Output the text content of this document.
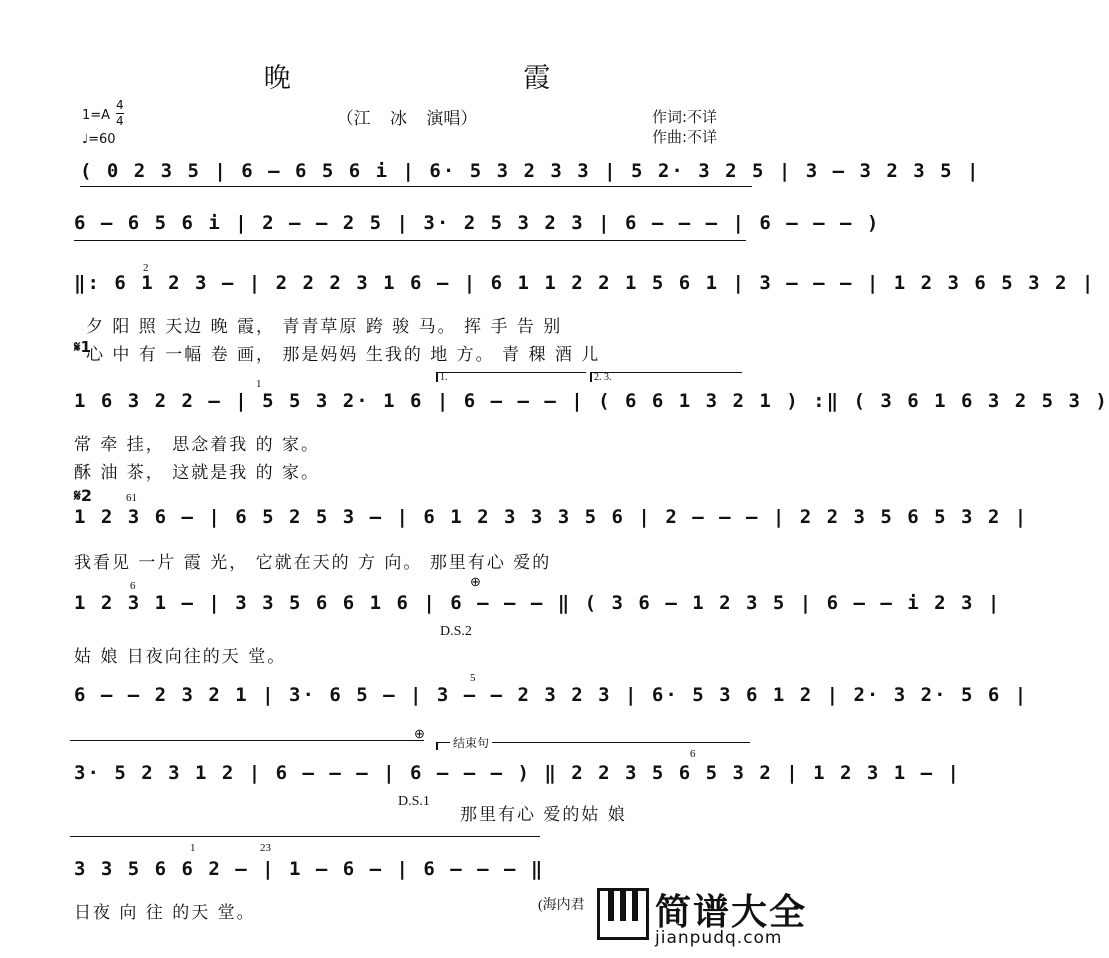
晚 霞
（江 冰 演唱）
1=A
4
4
♩=60
作词:不详
作曲:不详
( 0 2 3 5 | 6 – 6 5 6 i | 6· 5 3 2 3 3 | 5 2· 3 2 5 | 3 – 3 2 3 5 |
6 – 6 5 6 i | 2 – – 2 5 | 3· 2 5 3 2 3 | 6 – – – | 6 – – – )
2
‖: 6 1 2 3 – | 2 2 2 3 1 6 – | 6 1 1 2 2 1 5 6 1 | 3 – – – | 1 2 3 6 5 3 2 |
夕 阳 照 天边 晚 霞， 青青草原 跨 骏 马。 挥 手 告 别
𝄋1
心 中 有 一幅 卷 画， 那是妈妈 生我的 地 方。 青 稞 酒 儿
1.	2. 3.
1
1 6 3 2 2 – | 5 5 3 2· 1 6 | 6 – – – | ( 6 6 1 3 2 1 ) :‖ ( 3 6 1 6 3 2 5 3 )
常 牵 挂， 思念着我 的 家。
酥 油 茶， 这就是我 的 家。
𝄋2	61
1 2 3 6 – | 6 5 2 5 3 – | 6 1 2 3 3 3 5 6 | 2 – – – | 2 2 3 5 6 5 3 2 |
我看见 一片 霞 光， 它就在天的 方 向。 那里有心 爱的
6	⊕
1 2 3 1 – | 3 3 5 6 6 1 6 | 6 – – – ‖ ( 3 6 – 1 2 3 5 | 6 – – i 2 3 |
D.S.2
姑 娘 日夜向往的天 堂。
5
6 – – 2 3 2 1 | 3· 6 5 – | 3 – – 2 3 2 3 | 6· 5 3 6 1 2 | 2· 3 2· 5 6 |
⊕
结束句
6
3· 5 2 3 1 2 | 6 – – – | 6 – – – ) ‖ 2 2 3 5 6 5 3 2 | 1 2 3 1 – |
D.S.1
那里有心 爱的姑 娘
1	23
3 3 5 6 6 2 – | 1 – 6 – | 6 – – – ‖
日夜 向 往 的天 堂。	(海内君 简谱大全
jianpudq.com
